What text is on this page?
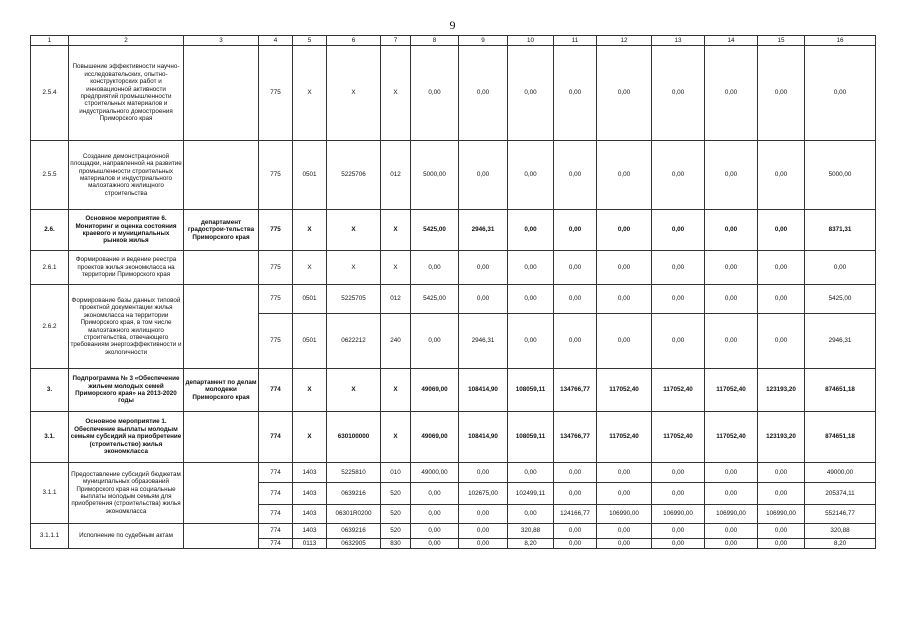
9
1	2	3	4	5	6	7	8	9	10	11	12	13	14	15	16
2.5.4	Повышение эффективности научно-исследовательских, опытно-конструкторских работ и инновационной активности предприятий промышленности строительных материалов и индустриального домостроения Приморского края		775	X	X	X	0,00	0,00	0,00	0,00	0,00	0,00	0,00	0,00	0,00
2.5.5	Создание демонстрационной площадки, направленной на развитие промышленности строительных материалов и индустриального малоэтажного жилищного строительства		775	0501	5225706	012	5000,00	0,00	0,00	0,00	0,00	0,00	0,00	0,00	5000,00
2.6.	Основное мероприятие 6. Мониторинг и оценка состояния краевого и муниципальных рынков жилья	департамент градострои-тельства Приморского края	775	X	X	X	5425,00	2946,31	0,00	0,00	0,00	0,00	0,00	0,00	8371,31
2.6.1	Формирование и ведение реестра проектов жилья экономкласса на территории Приморского края		775	X	X	X	0,00	0,00	0,00	0,00	0,00	0,00	0,00	0,00	0,00
2.6.2	Формирование базы данных типовой проектной документации жилья экономкласса на территории Приморского края, в том числе малоэтажного жилищного строительства, отвечающего требованиям энергоэффективности и экологичности		775	0501	5225705	012	5425,00	0,00	0,00	0,00	0,00	0,00	0,00	0,00	5425,00
			775	0501	0622212	240	0,00	2946,31	0,00	0,00	0,00	0,00	0,00	0,00	2946,31
3.	Подпрограмма № 3 «Обеспечение жильем молодых семей Приморского края» на 2013-2020 годы	департамент по делам молодежи Приморского края	774	X	X	X	49069,00	108414,90	108059,11	134766,77	117052,40	117052,40	117052,40	123193,20	874651,18
3.1.	Основное мероприятие 1. Обеспечение выплаты молодым семьям субсидий на приобретение (строительство) жилья экономкласса		774	X	630100000	X	49069,00	108414,90	108059,11	134766,77	117052,40	117052,40	117052,40	123193,20	874651,18
3.1.1	Предоставление субсидий бюджетам муниципальных образований Приморского края на социальные выплаты молодым семьям для приобретения (строительства) жилья экономкласса		774	1403	5225810	010	49000,00	0,00	0,00	0,00	0,00	0,00	0,00	0,00	49000,00
			774	1403	0639216	520	0,00	102675,00	102499,11	0,00	0,00	0,00	0,00	0,00	205374,11
			774	1403	06301R0200	520	0,00	0,00	0,00	124166,77	106990,00	106990,00	106990,00	106990,00	552146,77
3.1.1.1	Исполнение по судебным актам		774	1403	0639216	520	0,00	0,00	320,88	0,00	0,00	0,00	0,00	0,00	320,88
			774	0113	0632905	830	0,00	0,00	8,20	0,00	0,00	0,00	0,00	0,00	8,20
